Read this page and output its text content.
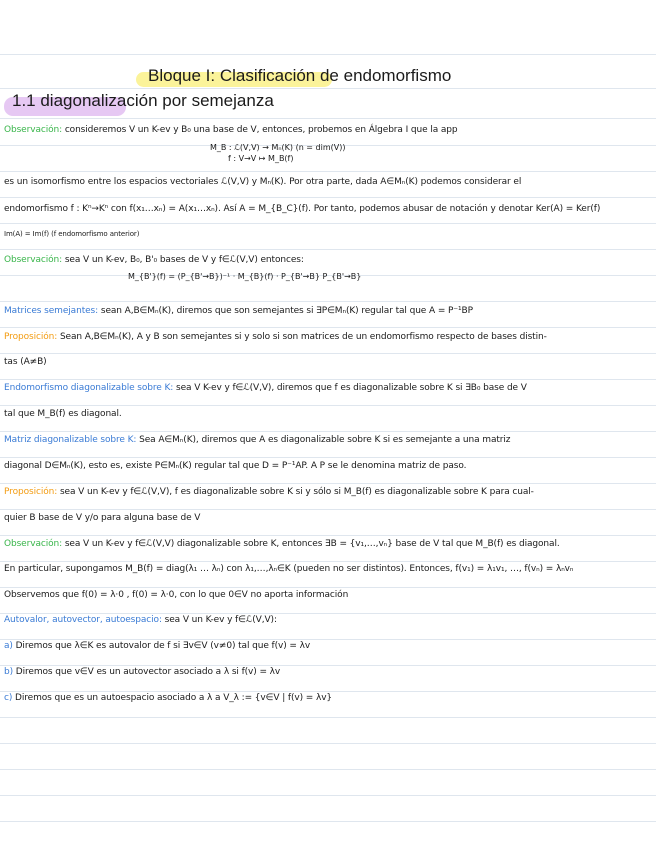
Bloque I: Clasificación de endomorfismo
1.1 diagonalización por semejanza
Observación: consideremos V un K-ev y B₀ una base de V, entonces, probemos en Álgebra I que la app
M_B : ℒ(V,V) → Mₙ(K) (n = dim(V))
f : V→V ↦ M_B(f)
es un isomorfismo entre los espacios vectoriales ℒ(V,V) y Mₙ(K). Por otra parte, dada A∈Mₙ(K) podemos considerar el
endomorfismo f : Kⁿ→Kⁿ con f(x₁…xₙ) = A(x₁…xₙ). Así A = M_{B_C}(f). Por tanto, podemos abusar de notación y denotar Ker(A) = Ker(f)
Im(A) = Im(f) (f endomorfismo anterior)
Observación: sea V un K-ev, B₀, B'₀ bases de V y f∈ℒ(V,V) entonces:
M_{B'}(f) = (P_{B'→B})⁻¹ · M_{B}(f) · P_{B'→B} P_{B'→B}
Matrices semejantes: sean A,B∈Mₙ(K), diremos que son semejantes si ∃P∈Mₙ(K) regular tal que A = P⁻¹BP
Proposición: Sean A,B∈Mₙ(K), A y B son semejantes si y solo si son matrices de un endomorfismo respecto de bases distin-
tas (A≠B)
Endomorfismo diagonalizable sobre K: sea V K-ev y f∈ℒ(V,V), diremos que f es diagonalizable sobre K si ∃B₀ base de V
tal que M_B(f) es diagonal.
Matriz diagonalizable sobre K: Sea A∈Mₙ(K), diremos que A es diagonalizable sobre K si es semejante a una matriz
diagonal D∈Mₙ(K), esto es, existe P∈Mₙ(K) regular tal que D = P⁻¹AP. A P se le denomina matriz de paso.
Proposición: sea V un K-ev y f∈ℒ(V,V), f es diagonalizable sobre K si y sólo si M_B(f) es diagonalizable sobre K para cual-
quier B base de V y/o para alguna base de V
Observación: sea V un K-ev y f∈ℒ(V,V) diagonalizable sobre K, entonces ∃B = {v₁,…,vₙ} base de V tal que M_B(f) es diagonal.
En particular, supongamos M_B(f) = diag(λ₁ … λₙ) con λ₁,…,λₙ∈K (pueden no ser distintos). Entonces, f(v₁) = λ₁v₁, …, f(vₙ) = λₙvₙ
Observemos que f(0) = λ·0 , f(0) = λ·0, con lo que 0∈V no aporta información
Autovalor, autovector, autoespacio: sea V un K-ev y f∈ℒ(V,V):
a) Diremos que λ∈K es autovalor de f si ∃v∈V (v≠0) tal que f(v) = λv
b) Diremos que v∈V es un autovector asociado a λ si f(v) = λv
c) Diremos que es un autoespacio asociado a λ a V_λ := {v∈V | f(v) = λv}
